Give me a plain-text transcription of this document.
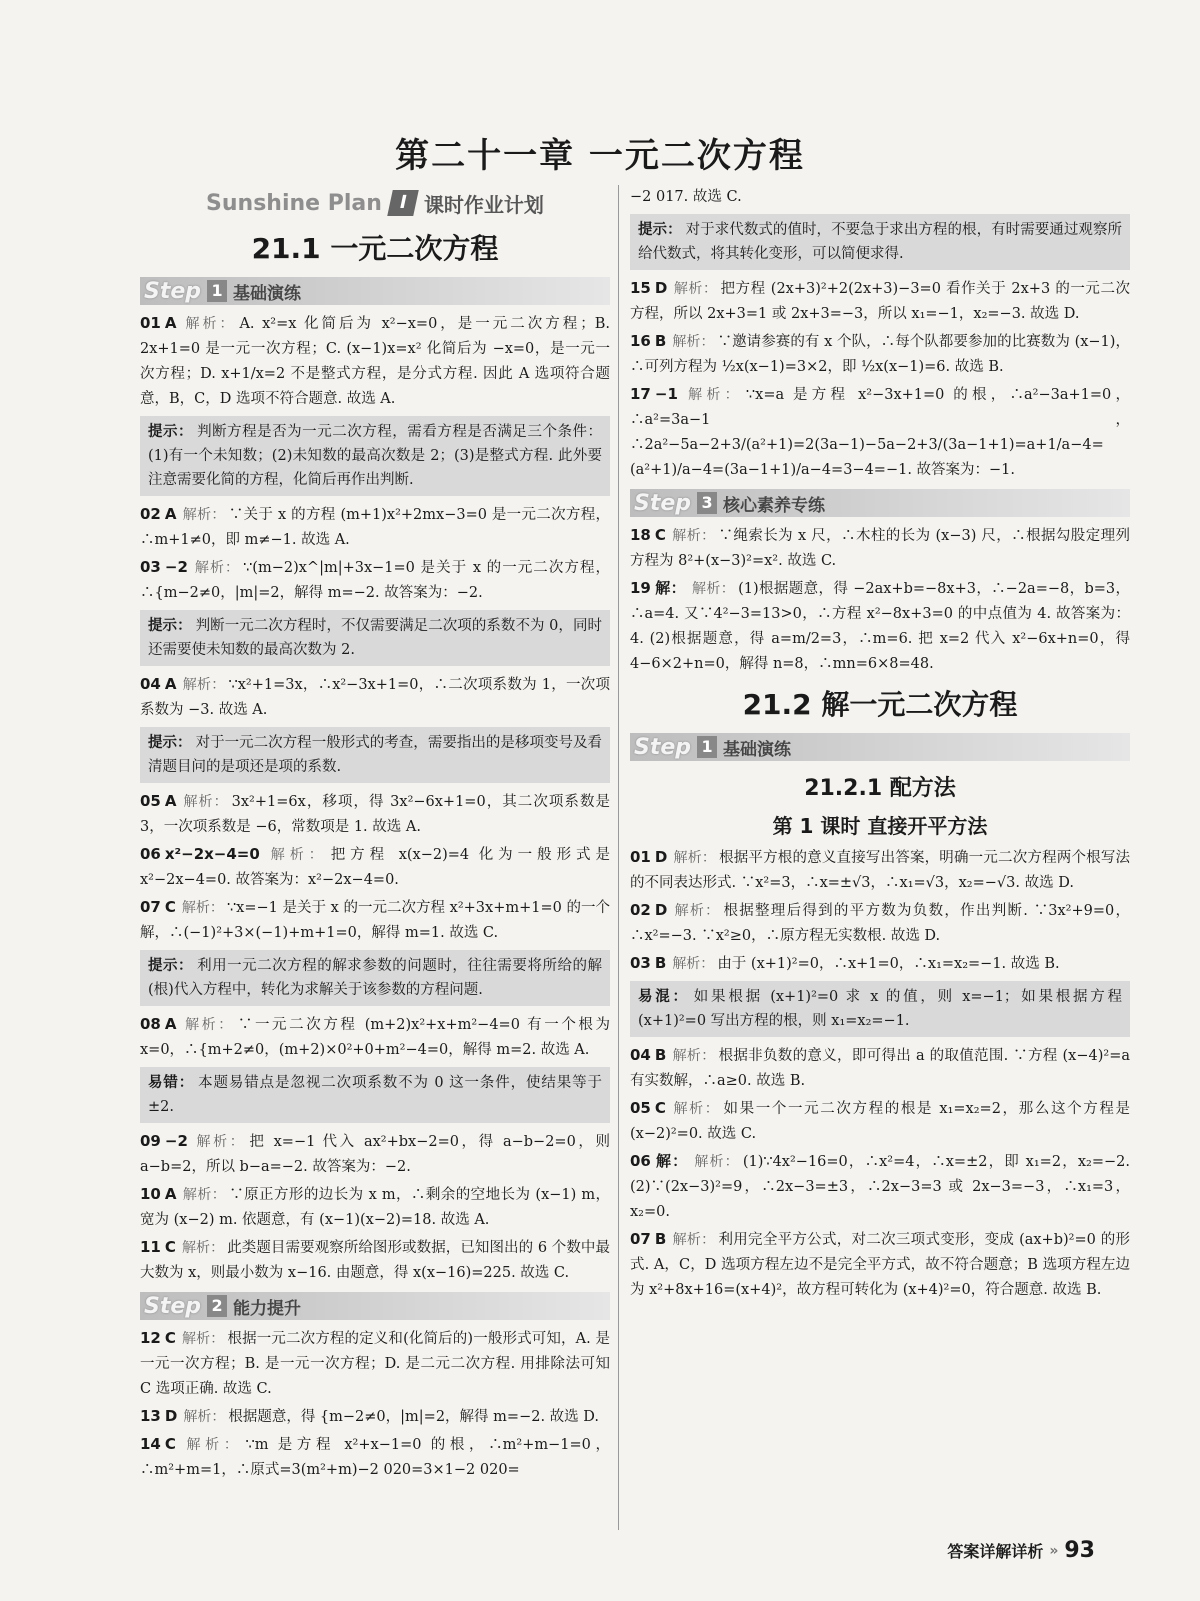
第二十一章 一元二次方程
Sunshine Plan I 课时作业计划
21.1 一元二次方程
Step 1 基础演练
01 A 解析： A. x²=x 化简后为 x²−x=0，是一元二次方程；B. 2x+1=0 是一元一次方程；C. (x−1)x=x² 化简后为 −x=0，是一元一次方程；D. x+1/x=2 不是整式方程，是分式方程. 因此 A 选项符合题意，B，C，D 选项不符合题意. 故选 A.
提示： 判断方程是否为一元二次方程，需看方程是否满足三个条件：(1)有一个未知数；(2)未知数的最高次数是 2；(3)是整式方程. 此外要注意需要化简的方程，化简后再作出判断.
02 A 解析： ∵关于 x 的方程 (m+1)x²+2mx−3=0 是一元二次方程，∴m+1≠0，即 m≠−1. 故选 A.
03 −2 解析： ∵(m−2)x^|m|+3x−1=0 是关于 x 的一元二次方程，∴{m−2≠0，|m|=2，解得 m=−2. 故答案为：−2.
提示： 判断一元二次方程时，不仅需要满足二次项的系数不为 0，同时还需要使未知数的最高次数为 2.
04 A 解析： ∵x²+1=3x，∴x²−3x+1=0，∴二次项系数为 1，一次项系数为 −3. 故选 A.
提示： 对于一元二次方程一般形式的考查，需要指出的是移项变号及看清题目问的是项还是项的系数.
05 A 解析： 3x²+1=6x，移项，得 3x²−6x+1=0，其二次项系数是 3，一次项系数是 −6，常数项是 1. 故选 A.
06 x²−2x−4=0 解析： 把方程 x(x−2)=4 化为一般形式是 x²−2x−4=0. 故答案为：x²−2x−4=0.
07 C 解析： ∵x=−1 是关于 x 的一元二次方程 x²+3x+m+1=0 的一个解，∴(−1)²+3×(−1)+m+1=0，解得 m=1. 故选 C.
提示： 利用一元二次方程的解求参数的问题时，往往需要将所给的解(根)代入方程中，转化为求解关于该参数的方程问题.
08 A 解析： ∵一元二次方程 (m+2)x²+x+m²−4=0 有一个根为 x=0，∴{m+2≠0，(m+2)×0²+0+m²−4=0，解得 m=2. 故选 A.
易错： 本题易错点是忽视二次项系数不为 0 这一条件，使结果等于 ±2.
09 −2 解析： 把 x=−1 代入 ax²+bx−2=0，得 a−b−2=0，则 a−b=2，所以 b−a=−2. 故答案为：−2.
10 A 解析： ∵原正方形的边长为 x m，∴剩余的空地长为 (x−1) m，宽为 (x−2) m. 依题意，有 (x−1)(x−2)=18. 故选 A.
11 C 解析： 此类题目需要观察所给图形或数据，已知图出的 6 个数中最大数为 x，则最小数为 x−16. 由题意，得 x(x−16)=225. 故选 C.
Step 2 能力提升
12 C 解析： 根据一元二次方程的定义和(化简后的)一般形式可知，A. 是一元一次方程；B. 是一元一次方程；D. 是二元二次方程. 用排除法可知 C 选项正确. 故选 C.
13 D 解析： 根据题意，得 {m−2≠0，|m|=2，解得 m=−2. 故选 D.
14 C 解析： ∵m 是方程 x²+x−1=0 的根，∴m²+m−1=0，∴m²+m=1，∴原式=3(m²+m)−2 020=3×1−2 020=
−2 017. 故选 C.
提示： 对于求代数式的值时，不要急于求出方程的根，有时需要通过观察所给代数式，将其转化变形，可以简便求得.
15 D 解析： 把方程 (2x+3)²+2(2x+3)−3=0 看作关于 2x+3 的一元二次方程，所以 2x+3=1 或 2x+3=−3，所以 x₁=−1，x₂=−3. 故选 D.
16 B 解析： ∵邀请参赛的有 x 个队，∴每个队都要参加的比赛数为 (x−1)，∴可列方程为 ½x(x−1)=3×2，即 ½x(x−1)=6. 故选 B.
17 −1 解析： ∵x=a 是方程 x²−3x+1=0 的根，∴a²−3a+1=0，∴a²=3a−1，∴2a²−5a−2+3/(a²+1)=2(3a−1)−5a−2+3/(3a−1+1)=a+1/a−4=(a²+1)/a−4=(3a−1+1)/a−4=3−4=−1. 故答案为：−1.
Step 3 核心素养专练
18 C 解析： ∵绳索长为 x 尺，∴木柱的长为 (x−3) 尺，∴根据勾股定理列方程为 8²+(x−3)²=x². 故选 C.
19 解： 解析： (1)根据题意，得 −2ax+b=−8x+3，∴−2a=−8，b=3，∴a=4. 又∵4²−3=13>0，∴方程 x²−8x+3=0 的中点值为 4. 故答案为：4. (2)根据题意，得 a=m/2=3，∴m=6. 把 x=2 代入 x²−6x+n=0，得 4−6×2+n=0，解得 n=8，∴mn=6×8=48.
21.2 解一元二次方程
Step 1 基础演练
21.2.1 配方法
第 1 课时 直接开平方法
01 D 解析： 根据平方根的意义直接写出答案，明确一元二次方程两个根写法的不同表达形式. ∵x²=3，∴x=±√3，∴x₁=√3，x₂=−√3. 故选 D.
02 D 解析： 根据整理后得到的平方数为负数，作出判断. ∵3x²+9=0，∴x²=−3. ∵x²≥0，∴原方程无实数根. 故选 D.
03 B 解析： 由于 (x+1)²=0，∴x+1=0，∴x₁=x₂=−1. 故选 B.
易混： 如果根据 (x+1)²=0 求 x 的值，则 x=−1；如果根据方程 (x+1)²=0 写出方程的根，则 x₁=x₂=−1.
04 B 解析： 根据非负数的意义，即可得出 a 的取值范围. ∵方程 (x−4)²=a 有实数解，∴a≥0. 故选 B.
05 C 解析： 如果一个一元二次方程的根是 x₁=x₂=2，那么这个方程是 (x−2)²=0. 故选 C.
06 解： 解析： (1)∵4x²−16=0，∴x²=4，∴x=±2，即 x₁=2，x₂=−2. (2)∵(2x−3)²=9，∴2x−3=±3，∴2x−3=3 或 2x−3=−3，∴x₁=3，x₂=0.
07 B 解析： 利用完全平方公式，对二次三项式变形，变成 (ax+b)²=0 的形式. A，C，D 选项方程左边不是完全平方式，故不符合题意；B 选项方程左边为 x²+8x+16=(x+4)²，故方程可转化为 (x+4)²=0，符合题意. 故选 B.
答案详解详析 » 93
